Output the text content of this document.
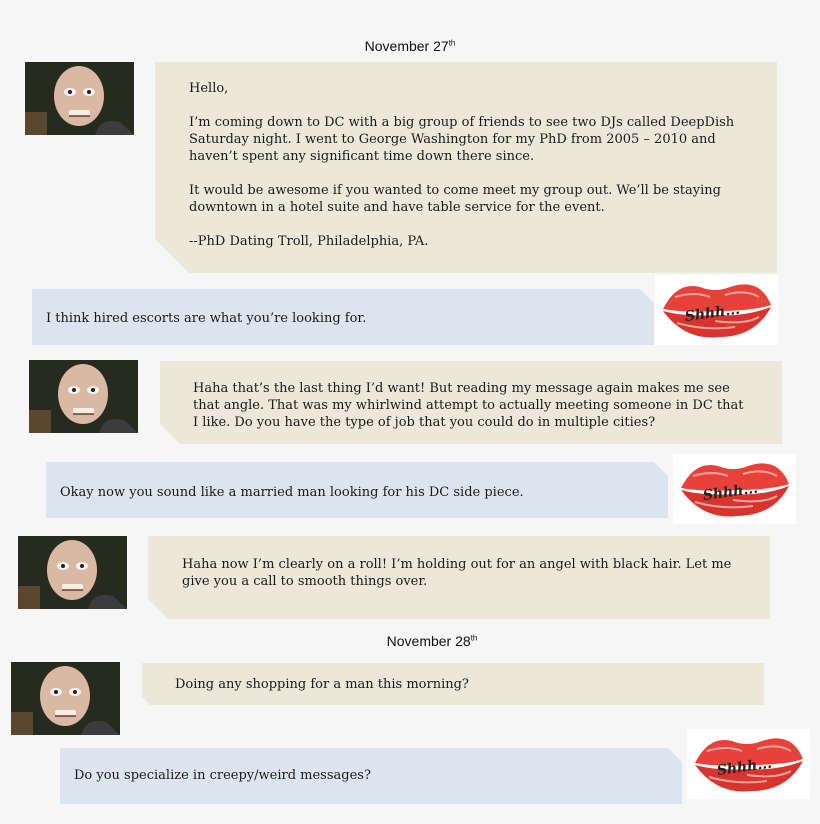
November 27th

Hello,

I’m coming down to DC with a big group of friends to see two DJs called DeepDish Saturday night. I went to George Washington for my PhD from 2005 – 2010 and haven’t spent any significant time down there since.

It would be awesome if you wanted to come meet my group out. We’ll be staying downtown in a hotel suite and have table service for the event.

--PhD Dating Troll, Philadelphia, PA.

I think hired escorts are what you’re looking for.	Shhh...

Haha that’s the last thing I’d want! But reading my message again makes me see that angle. That was my whirlwind attempt to actually meeting someone in DC that I like. Do you have the type of job that you could do in multiple cities?

Okay now you sound like a married man looking for his DC side piece.	Shhh...

Haha now I’m clearly on a roll! I’m holding out for an angel with black hair. Let me give you a call to smooth things over.

November 28th

Doing any shopping for a man this morning?

Do you specialize in creepy/weird messages?	Shhh...
